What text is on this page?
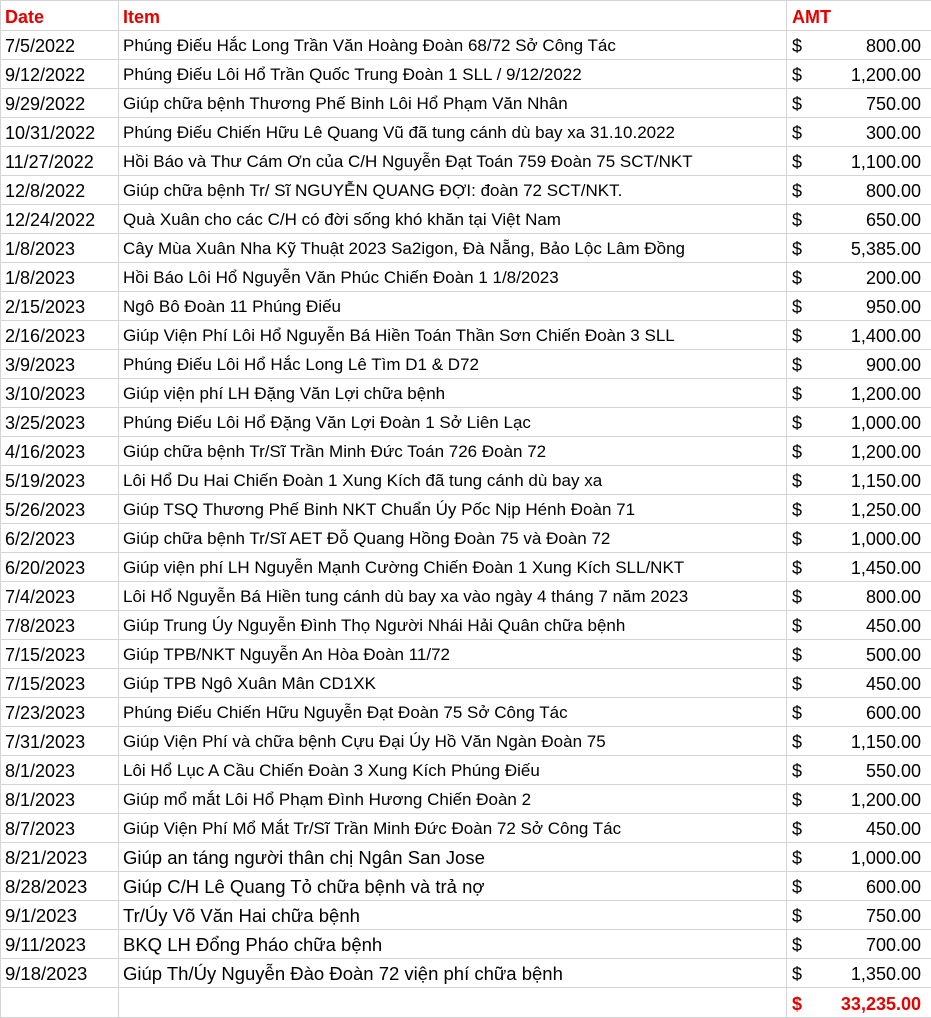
Date	Item	AMT	
7/5/2022	Phúng Điếu Hắc Long Trần Văn Hoàng Đoàn 68/72 Sở Công Tác	$	800.00
9/12/2022	Phúng Điếu Lôi Hổ Trần Quốc Trung Đoàn 1 SLL / 9/12/2022	$	1,200.00
9/29/2022	Giúp chữa bệnh Thương Phế Binh Lôi Hổ Phạm Văn Nhân	$	750.00
10/31/2022	Phúng Điếu Chiến Hữu Lê Quang Vũ đã tung cánh dù bay xa 31.10.2022	$	300.00
11/27/2022	Hồi Báo và Thư Cám Ơn của C/H Nguyễn Đạt Toán 759 Đoàn 75 SCT/NKT	$	1,100.00
12/8/2022	Giúp chữa bệnh Tr/ Sĩ NGUYỄN QUANG ĐỢI: đoàn 72 SCT/NKT.	$	800.00
12/24/2022	Quà Xuân cho các C/H có đời sống khó khăn tại Việt Nam	$	650.00
1/8/2023	Cây Mùa Xuân Nha Kỹ Thuật 2023 Sa2igon, Đà Nẵng, Bảo Lộc Lâm Đồng	$	5,385.00
1/8/2023	Hồi Báo Lôi Hổ Nguyễn Văn Phúc Chiến Đoàn 1 1/8/2023	$	200.00
2/15/2023	Ngô Bô Đoàn 11 Phúng Điếu	$	950.00
2/16/2023	Giúp Viện Phí Lôi Hổ Nguyễn Bá Hiền Toán Thần Sơn Chiến Đoàn 3 SLL	$	1,400.00
3/9/2023	Phúng Điếu Lôi Hổ Hắc Long Lê Tìm D1 & D72	$	900.00
3/10/2023	Giúp viện phí LH Đặng Văn Lợi chữa bệnh	$	1,200.00
3/25/2023	Phúng Điếu Lôi Hổ Đặng Văn Lợi Đoàn 1 Sở Liên Lạc	$	1,000.00
4/16/2023	Giúp chữa bệnh Tr/Sĩ Trần Minh Đức Toán 726 Đoàn 72	$	1,200.00
5/19/2023	Lôi Hổ Du Hai Chiến Đoàn 1 Xung Kích đã tung cánh dù bay xa	$	1,150.00
5/26/2023	Giúp TSQ Thương Phế Binh NKT Chuẩn Úy Pốc Nịp Hénh Đoàn 71	$	1,250.00
6/2/2023	Giúp chữa bệnh Tr/Sĩ AET Đỗ Quang Hồng Đoàn 75 và Đoàn 72	$	1,000.00
6/20/2023	Giúp viện phí LH Nguyễn Mạnh Cường Chiến Đoàn 1 Xung Kích SLL/NKT	$	1,450.00
7/4/2023	Lôi Hổ Nguyễn Bá Hiền tung cánh dù bay xa vào ngày 4 tháng 7 năm 2023	$	800.00
7/8/2023	Giúp Trung Úy Nguyễn Đình Thọ Người Nhái Hải Quân chữa bệnh	$	450.00
7/15/2023	Giúp TPB/NKT Nguyễn An Hòa Đoàn 11/72	$	500.00
7/15/2023	Giúp TPB Ngô Xuân Mân CD1XK	$	450.00
7/23/2023	Phúng Điếu Chiến Hữu Nguyễn Đạt Đoàn 75 Sở Công Tác	$	600.00
7/31/2023	Giúp Viện Phí và chữa bệnh Cựu Đại Úy Hồ Văn Ngàn Đoàn 75	$	1,150.00
8/1/2023	Lôi Hổ Lục A Cầu Chiến Đoàn 3 Xung Kích Phúng Điếu	$	550.00
8/1/2023	Giúp mổ mắt Lôi Hổ Phạm Đình Hương Chiến Đoàn 2	$	1,200.00
8/7/2023	Giúp Viện Phí Mổ Mắt Tr/Sĩ Trần Minh Đức Đoàn 72 Sở Công Tác	$	450.00
8/21/2023	Giúp an táng người thân chị Ngân San Jose	$	1,000.00
8/28/2023	Giúp C/H Lê Quang Tỏ chữa bệnh và trả nợ	$	600.00
9/1/2023	Tr/Úy Võ Văn Hai chữa bệnh	$	750.00
9/11/2023	BKQ LH Đổng Pháo chữa bệnh	$	700.00
9/18/2023	Giúp Th/Úy Nguyễn Đào Đoàn 72 viện phí chữa bệnh	$	1,350.00
		$	33,235.00
